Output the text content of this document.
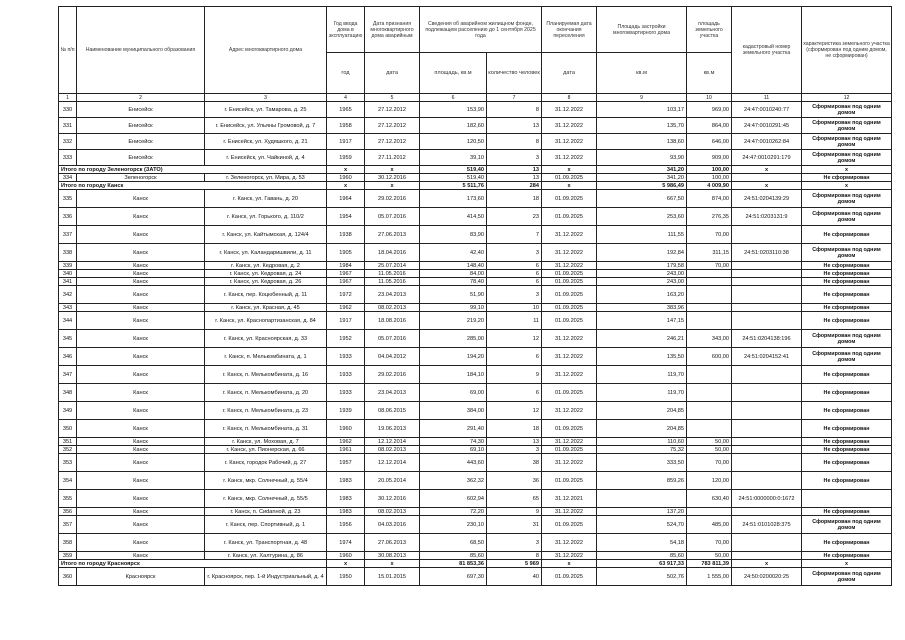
№ п/п	Наименование муниципального образования	Адрес многоквартирного дома	Год ввода дома в эксплуатацию	Дата признания многоквартирного дома аварийным	Сведения об аварийном жилищном фонде, подлежащем расселению до 1 сентября 2025 года		Планируемая дата окончания переселения	Площадь застройки многоквартирного дома	площадь земельного участка	кадастровый номер земельного участка	характеристика земельного участка (сформирован под одним домом, не сформирован)
			год	дата	площадь, кв.м	количество человек	дата	кв.м	кв.м		
1	2	3	4	5	6	7	8	9	10	11	12
330	Енисейск	г. Енисейск, ул. Тамарова, д. 25	1965	27.12.2012	153,90	8	31.12.2022	103,17	969,00	24:47:0010240:77	Сформирован под одним домом
331	Енисейск	г. Енисейск, ул. Ульяны Громовой, д. 7	1958	27.12.2012	182,60	13	31.12.2022	135,70	864,00	24:47:0010291:45	Сформирован под одним домом
332	Енисейск	г. Енисейск, ул. Худяшкого, д. 21	1917	27.12.2012	120,50	8	31.12.2022	138,60	646,00	24:47:0010262:84	Сформирован под одним домом
333	Енисейск	г. Енисейск, ул. Чайкиной, д. 4	1959	27.11.2012	39,10	3	31.12.2022	93,90	909,00	24:47:0010291:179	Сформирован под одним домом
Итого по городу Зеленогорск (ЗАТО)			x	x	519,40	13	x	341,20	100,00	x	x
334	Зеленогорск	г. Зеленогорск, ул. Мира, д. 53	1960	30.12.2016	519,40	13	01.09.2025	341,20	100,00		Не сформирован
Итого по городу Канск			x	x	5 511,76	284	x	5 986,49	4 009,90	x	x
335	Канск	г. Канск, ул. Гавань, д. 20	1964	29.02.2016	173,60	18	01.09.2025	667,50	874,00	24:51:0204139:29	Сформирован под одним домом
336	Канск	г. Канск, ул. Горького, д. 110/2	1954	05.07.2016	414,50	23	01.09.2025	253,60	276,35	24:51:0203131:9	Сформирован под одним домом
337	Канск	г. Канск, ул. Кайтымская, д. 124/4	1938	27.06.2013	83,90	7	31.12.2022	111,55	70,00		Не сформирован
338	Канск	г. Канск, ул. Каландаришвили, д. 11	1905	18.04.2016	42,40	3	31.12.2022	192,84	311,15	24:51:0203110:38	Сформирован под одним домом
339	Канск	г. Канск, ул. Кедровая, д. 2	1984	25.07.2014	148,40	6	31.12.2022	179,58	70,00		Не сформирован
340	Канск	г. Канск, ул. Кедровая, д. 24	1967	11.05.2016	84,00	6	01.09.2025	243,00			Не сформирован
341	Канск	г. Канск, ул. Кедровая, д. 26	1967	11.05.2016	78,40	6	01.09.2025	243,00			Не сформирован
342	Канск	г. Канск, пер. Коцюбенный, д. 11	1972	23.04.2013	51,90	3	01.09.2025	163,20			Не сформирован
343	Канск	г. Канск, ул. Красная, д. 45	1962	08.02.2013	99,10	10	01.09.2025	383,96			Не сформирован
344	Канск	г. Канск, ул. Краснопартизанская, д. 84	1917	18.08.2016	219,20	11	01.09.2025	147,15			Не сформирован
345	Канск	г. Канск, ул. Красноярская, д. 33	1952	05.07.2016	285,00	12	31.12.2022	246,21	343,00	24:51:0204138:196	Сформирован под одним домом
346	Канск	г. Канск, п. Мелькомбината, д. 1	1933	04.04.2012	194,20	6	31.12.2022	135,50	600,00	24:51:0204152:41	Сформирован под одним домом
347	Канск	г. Канск, п. Мелькомбината, д. 16	1933	29.02.2016	184,10	9	31.12.2022	119,70			Не сформирован
348	Канск	г. Канск, п. Мелькомбината, д. 20	1933	23.04.2013	69,00	6	01.09.2025	119,70			Не сформирован
349	Канск	г. Канск, п. Мелькомбината, д. 23	1939	08.06.2015	384,00	12	31.12.2022	204,85			Не сформирован
350	Канск	г. Канск, п. Мелькомбината, д. 31	1960	19.06.2013	291,40	18	01.09.2025	204,85			Не сформирован
351	Канск	г. Канск, ул. Моховая, д. 7	1962	12.12.2014	74,30	13	31.12.2022	110,60	50,00		Не сформирован
352	Канск	г. Канск, ул. Пионерская, д. 66	1961	08.02.2013	69,10	3	01.09.2025	75,32	50,00		Не сформирован
353	Канск	г. Канск, городок Рабочий, д. 27	1957	12.12.2014	443,60	38	31.12.2022	333,50	70,00		Не сформирован
354	Канск	г. Канск, мкр. Солнечный, д. 55/4	1983	20.05.2014	362,32	36	01.09.2025	859,26	120,00		Не сформирован
355	Канск	г. Канск, мкр. Солнечный, д. 55/5	1983	30.12.2016	602,94	65	31.12.2021		630,40	24:51:0000000:0:1672	
356	Канск	г. Канск, п. Сиdanной, д. 23	1983	08.02.2013	72,20	9	31.12.2022	137,20			Не сформирован
357	Канск	г. Канск, пер. Спортивный, д. 1	1956	04.03.2016	230,10	31	01.09.2025	524,70	485,00	24:51:0101028:375	Сформирован под одним домом
358	Канск	г. Канск, ул. Транспортная, д. 48	1974	27.06.2013	68,50	3	31.12.2022	54,18	70,00		Не сформирован
359	Канск	г. Канск, ул. Халтурина, д. 86	1960	30.08.2013	85,60	8	31.12.2022	85,60	50,00		Не сформирован
Итого по городу Красноярск			x	x	81 853,36	5 969	x	63 917,33	783 811,39	x	x
360	Красноярск	г. Красноярск, пер. 1-й Индустриальный, д. 4	1950	15.01.2015	697,30	40	01.09.2025	502,76	1 555,00	24:50:0200020:25	Сформирован под одним домом
